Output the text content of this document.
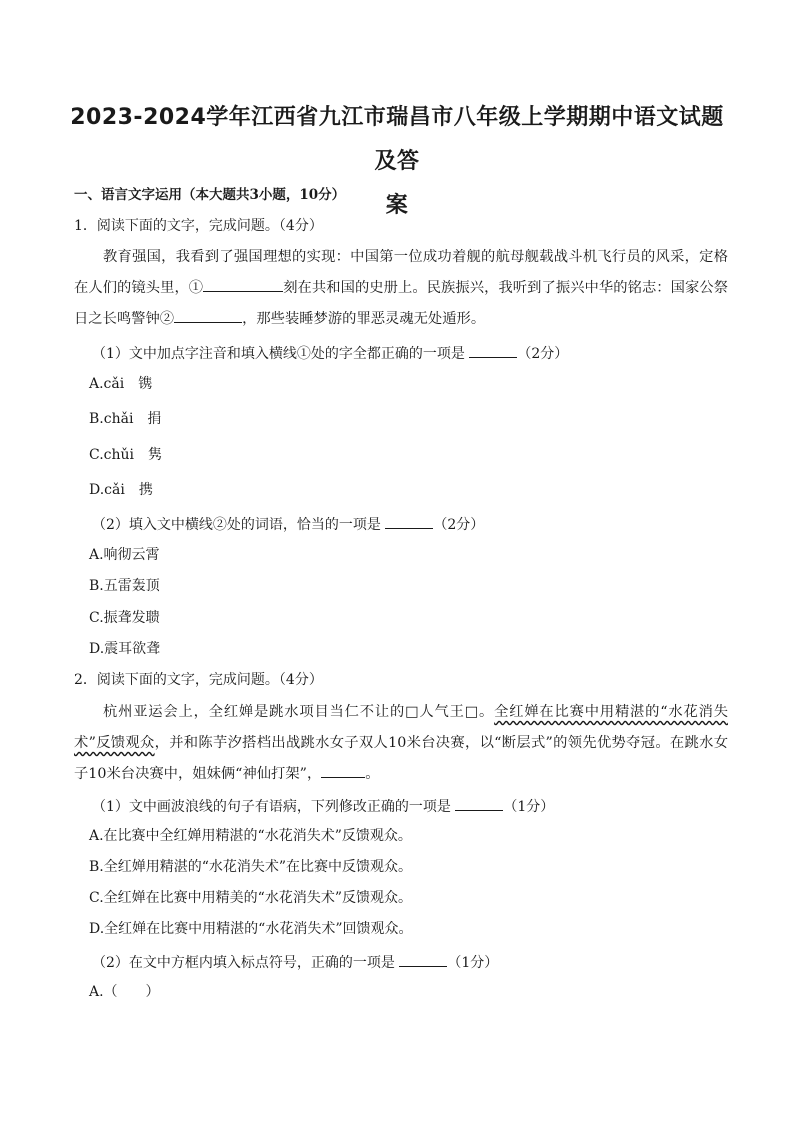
2023-2024学年江西省九江市瑞昌市八年级上学期期中语文试题及答
案
一、语言文字运用（本大题共3小题，10分）
1．阅读下面的文字，完成问题。（4分）
教育强国，我看到了强国理想的实现：中国第一位成功着舰的航母舰载战斗机飞行员的风采，定格在人们的镜头里，①	刻在共和国的史册上。民族振兴，我听到了振兴中华的铭志：国家公祭日之长鸣警钟②	，那些装睡梦游的罪恶灵魂无处遁形。
（1）文中加点字注音和填入横线①处的字全都正确的一项是	（2分）
A.cǎi　镌
B.chǎi　捐
C.chǔi　隽
D.cǎi　携
（2）填入文中横线②处的词语，恰当的一项是	（2分）
A.响彻云霄
B.五雷轰顶
C.振聋发聩
D.震耳欲聋
2．阅读下面的文字，完成问题。（4分）
杭州亚运会上，全红婵是跳水项目当仁不让的□人气王□。全红婵在比赛中用精湛的“水花消失术”反馈观众，并和陈芋汐搭档出战跳水女子双人10米台决赛，以“断层式”的领先优势夺冠。在跳水女子10米台决赛中，姐妹俩“神仙打架”，	。
（1）文中画波浪线的句子有语病，下列修改正确的一项是	（1分）
A.在比赛中全红婵用精湛的“水花消失术”反馈观众。
B.全红婵用精湛的“水花消失术”在比赛中反馈观众。
C.全红婵在比赛中用精美的“水花消失术”反馈观众。
D.全红婵在比赛中用精湛的“水花消失术”回馈观众。
（2）在文中方框内填入标点符号，正确的一项是	（1分）
A.（　　）
